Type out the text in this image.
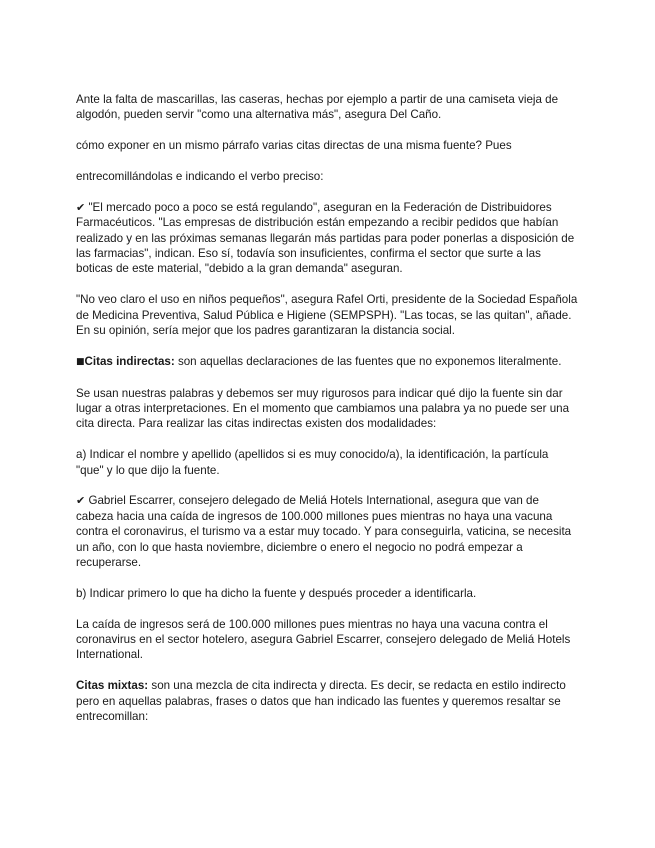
Ante la falta de mascarillas, las caseras, hechas por ejemplo a partir de una camiseta vieja de algodón, pueden servir "como una alternativa más", asegura Del Caño.

cómo exponer en un mismo párrafo varias citas directas de una misma fuente? Pues

entrecomillándolas e indicando el verbo preciso:

✔ "El mercado poco a poco se está regulando", aseguran en la Federación de Distribuidores Farmacéuticos. "Las empresas de distribución están empezando a recibir pedidos que habían realizado y en las próximas semanas llegarán más partidas para poder ponerlas a disposición de las farmacias", indican. Eso sí, todavía son insuficientes, confirma el sector que surte a las boticas de este material, "debido a la gran demanda" aseguran.

"No veo claro el uso en niños pequeños", asegura Rafel Orti, presidente de la Sociedad Española de Medicina Preventiva, Salud Pública e Higiene (SEMPSPH). "Las tocas, se las quitan", añade. En su opinión, sería mejor que los padres garantizaran la distancia social.

■Citas indirectas: son aquellas declaraciones de las fuentes que no exponemos literalmente.

Se usan nuestras palabras y debemos ser muy rigurosos para indicar qué dijo la fuente sin dar lugar a otras interpretaciones. En el momento que cambiamos una palabra ya no puede ser una cita directa. Para realizar las citas indirectas existen dos modalidades:

a) Indicar el nombre y apellido (apellidos si es muy conocido/a), la identificación, la partícula "que" y lo que dijo la fuente.

✔ Gabriel Escarrer, consejero delegado de Meliá Hotels International, asegura que van de cabeza hacia una caída de ingresos de 100.000 millones pues mientras no haya una vacuna contra el coronavirus, el turismo va a estar muy tocado. Y para conseguirla, vaticina, se necesita un año, con lo que hasta noviembre, diciembre o enero el negocio no podrá empezar a recuperarse.

b) Indicar primero lo que ha dicho la fuente y después proceder a identificarla.

La caída de ingresos será de 100.000 millones pues mientras no haya una vacuna contra el coronavirus en el sector hotelero, asegura Gabriel Escarrer, consejero delegado de Meliá Hotels International.

Citas mixtas: son una mezcla de cita indirecta y directa. Es decir, se redacta en estilo indirecto pero en aquellas palabras, frases o datos que han indicado las fuentes y queremos resaltar se entrecomillan:
